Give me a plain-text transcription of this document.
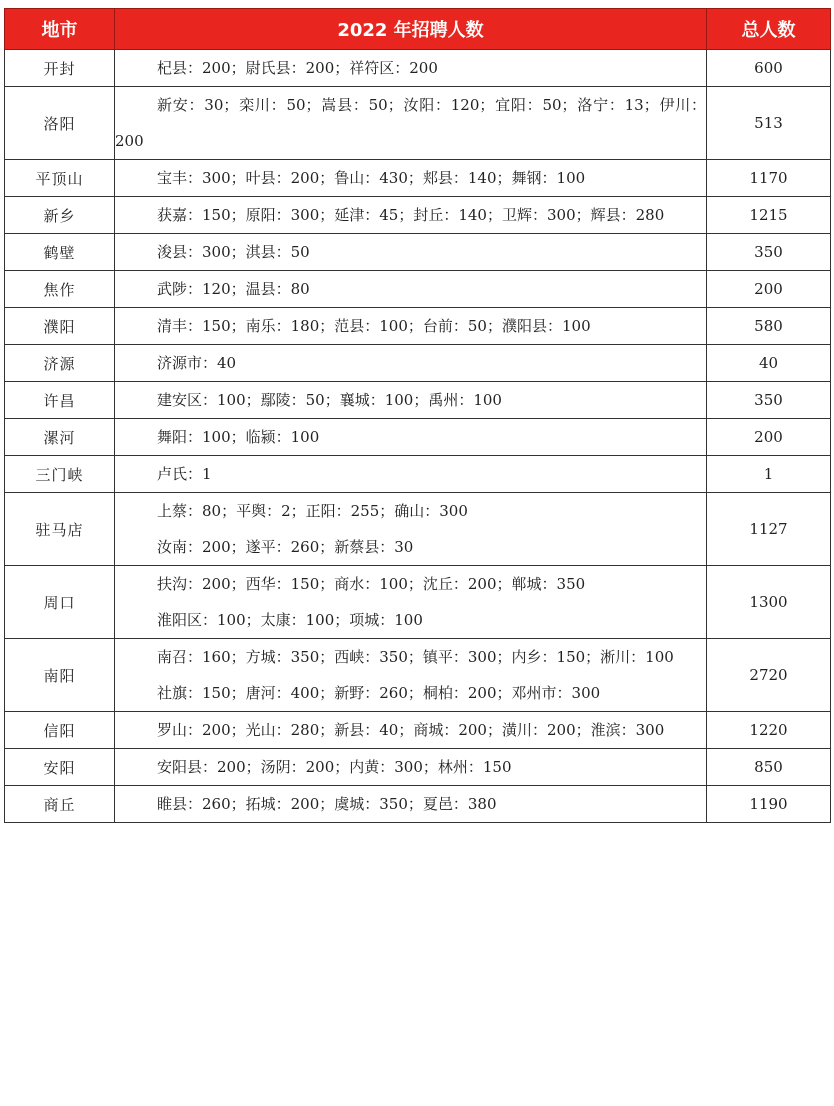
地市	2022 年招聘人数	总人数
开封	杞县：200；尉氏县：200；祥符区：200	600
洛阳	新安：30；栾川：50；嵩县：50；汝阳：120；宜阳：50；洛宁：13；伊川：200	513
平顶山	宝丰：300；叶县：200；鲁山：430；郏县：140；舞钢：100	1170
新乡	获嘉：150；原阳：300；延津：45；封丘：140；卫辉：300；辉县：280	1215
鹤壁	浚县：300；淇县：50	350
焦作	武陟：120；温县：80	200
濮阳	清丰：150；南乐：180；范县：100；台前：50；濮阳县：100	580
济源	济源市：40	40
许昌	建安区：100；鄢陵：50；襄城：100；禹州：100	350
漯河	舞阳：100；临颍：100	200
三门峡	卢氏：1	1
驻马店	上蔡：80；平舆：2；正阳：255；确山：300

汝南：200；遂平：260；新蔡县：30	1127
周口	扶沟：200；西华：150；商水：100；沈丘：200；郸城：350

淮阳区：100；太康：100；项城：100	1300
南阳	南召：160；方城：350；西峡：350；镇平：300；内乡：150；淅川：100

社旗：150；唐河：400；新野：260；桐柏：200；邓州市：300	2720
信阳	罗山：200；光山：280；新县：40；商城：200；潢川：200；淮滨：300	1220
安阳	安阳县：200；汤阴：200；内黄：300；林州：150	850
商丘	睢县：260；拓城：200；虞城：350；夏邑：380	1190
